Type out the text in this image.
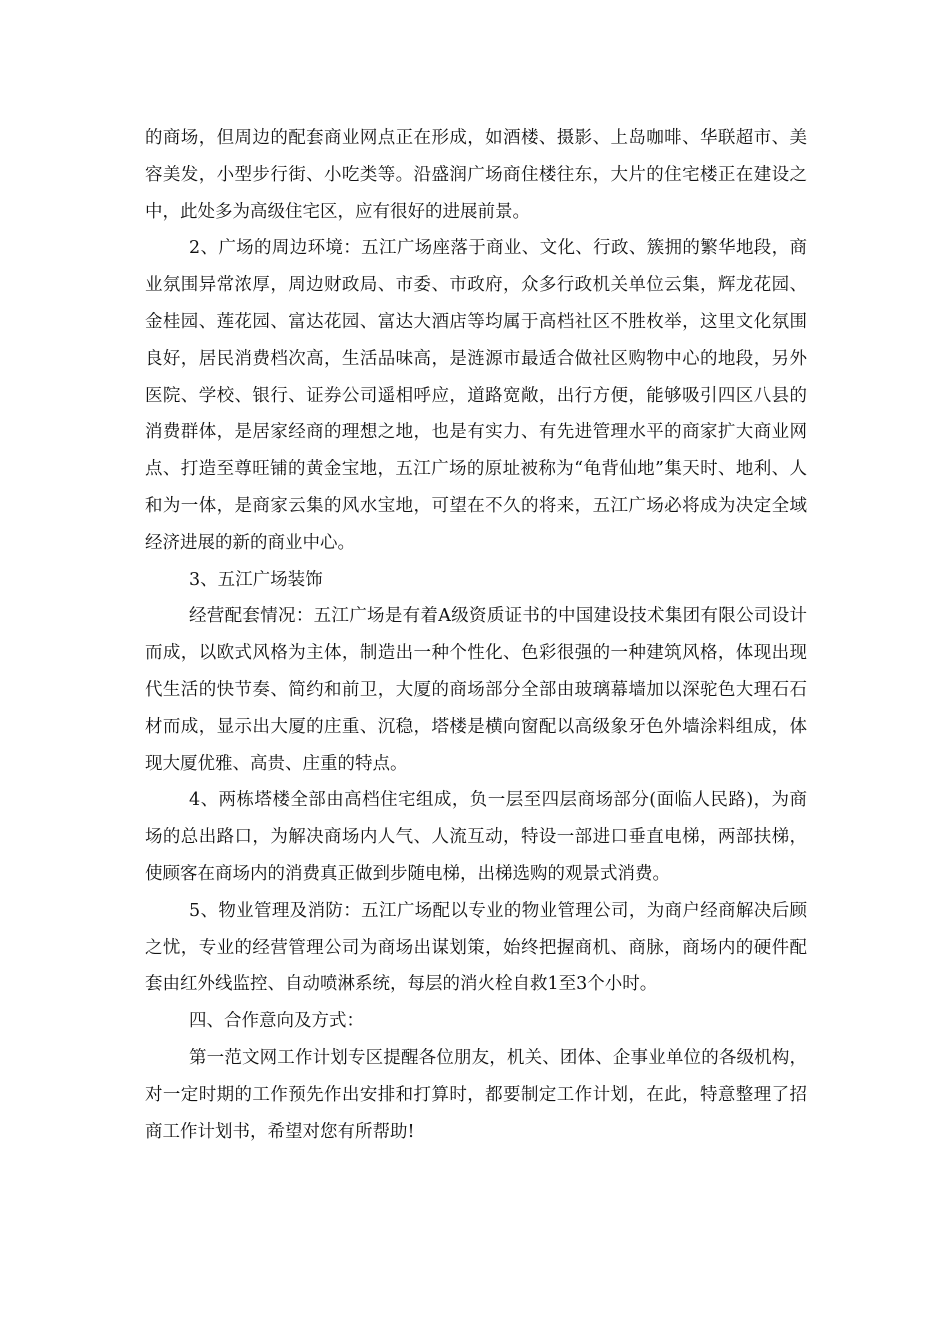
的商场，但周边的配套商业网点正在形成，如酒楼、摄影、上岛咖啡、华联超市、美容美发，小型步行街、小吃类等。沿盛润广场商住楼往东，大片的住宅楼正在建设之中，此处多为高级住宅区，应有很好的进展前景。

2、广场的周边环境：五江广场座落于商业、文化、行政、簇拥的繁华地段，商业氛围异常浓厚，周边财政局、市委、市政府，众多行政机关单位云集，辉龙花园、金桂园、莲花园、富达花园、富达大酒店等均属于高档社区不胜枚举，这里文化氛围良好，居民消费档次高，生活品味高，是涟源市最适合做社区购物中心的地段，另外医院、学校、银行、证券公司遥相呼应，道路宽敞，出行方便，能够吸引四区八县的消费群体，是居家经商的理想之地，也是有实力、有先进管理水平的商家扩大商业网点、打造至尊旺铺的黄金宝地，五江广场的原址被称为“龟背仙地”集天时、地利、人和为一体，是商家云集的风水宝地，可望在不久的将来，五江广场必将成为决定全域经济进展的新的商业中心。

3、五江广场装饰

经营配套情况：五江广场是有着A级资质证书的中国建设技术集团有限公司设计而成，以欧式风格为主体，制造出一种个性化、色彩很强的一种建筑风格，体现出现代生活的快节奏、简约和前卫，大厦的商场部分全部由玻璃幕墙加以深驼色大理石石材而成，显示出大厦的庄重、沉稳，塔楼是横向窗配以高级象牙色外墙涂料组成，体现大厦优雅、高贵、庄重的特点。

4、两栋塔楼全部由高档住宅组成，负一层至四层商场部分(面临人民路)，为商场的总出路口，为解决商场内人气、人流互动，特设一部进口垂直电梯，两部扶梯，使顾客在商场内的消费真正做到步随电梯，出梯选购的观景式消费。

5、物业管理及消防：五江广场配以专业的物业管理公司，为商户经商解决后顾之忧，专业的经营管理公司为商场出谋划策，始终把握商机、商脉，商场内的硬件配套由红外线监控、自动喷淋系统，每层的消火栓自救1至3个小时。

四、合作意向及方式：

第一范文网工作计划专区提醒各位朋友，机关、团体、企事业单位的各级机构，对一定时期的工作预先作出安排和打算时，都要制定工作计划，在此，特意整理了招商工作计划书，希望对您有所帮助!
